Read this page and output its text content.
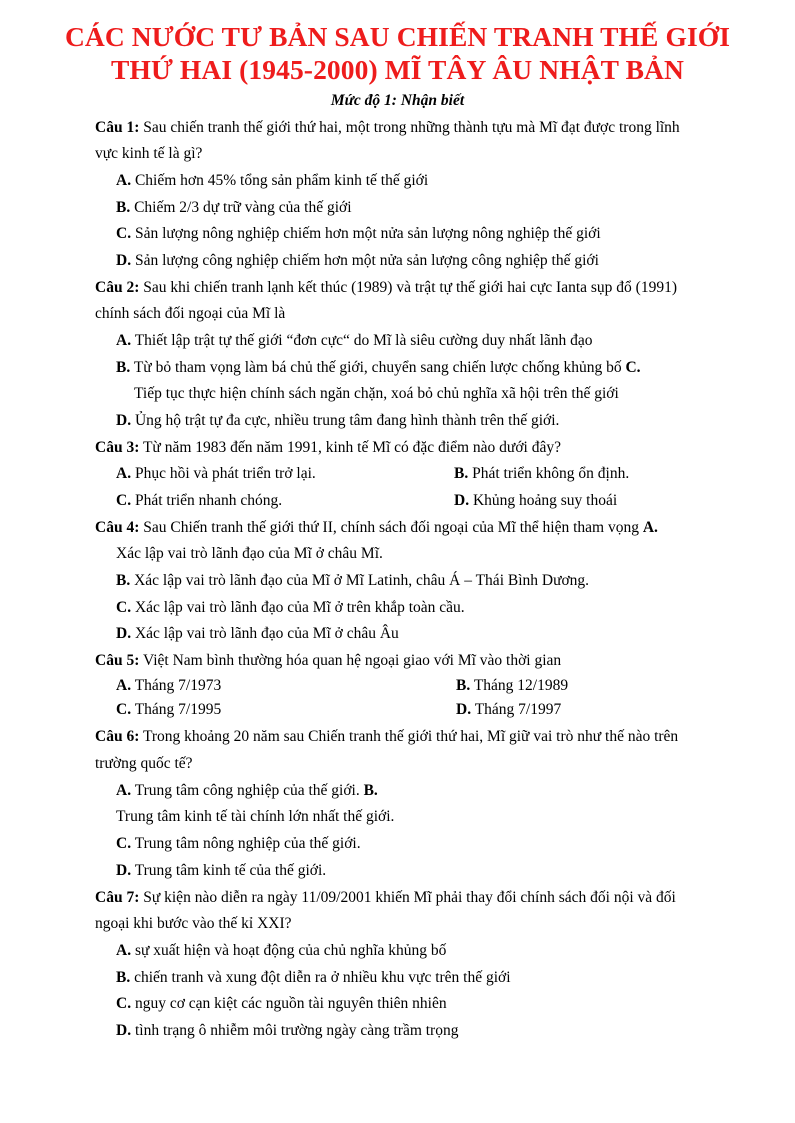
CÁC NƯỚC TƯ BẢN SAU CHIẾN TRANH THẾ GIỚI
THỨ HAI (1945-2000) MĨ TÂY ÂU NHẬT BẢN
Mức độ 1: Nhận biết
Câu 1: Sau chiến tranh thế giới thứ hai, một trong những thành tựu mà Mĩ đạt được trong lĩnh
vực kinh tế là gì?
A. Chiếm hơn 45% tổng sản phẩm kinh tế thế giới
B. Chiếm 2/3 dự trữ vàng của thế giới
C. Sản lượng nông nghiệp chiếm hơn một nửa sản lượng nông nghiệp thế giới
D. Sản lượng công nghiệp chiếm hơn một nửa sản lượng công nghiệp thế giới
Câu 2: Sau khi chiến tranh lạnh kết thúc (1989) và trật tự thế giới hai cực Ianta sụp đổ (1991)
chính sách đối ngoại của Mĩ là
A. Thiết lập trật tự thế giới “đơn cực“ do Mĩ là siêu cường duy nhất lãnh đạo
B. Từ bỏ tham vọng làm bá chủ thế giới, chuyển sang chiến lược chống khủng bố C.
Tiếp tục thực hiện chính sách ngăn chặn, xoá bỏ chủ nghĩa xã hội trên thế giới
D. Ủng hộ trật tự đa cực, nhiều trung tâm đang hình thành trên thế giới.
Câu 3: Từ năm 1983 đến năm 1991, kinh tế Mĩ có đặc điểm nào dưới đây?
A. Phục hồi và phát triển trở lại.	B. Phát triển không ổn định.
C. Phát triển nhanh chóng.	D. Khủng hoảng suy thoái
Câu 4: Sau Chiến tranh thế giới thứ II, chính sách đối ngoại của Mĩ thể hiện tham vọng A.
Xác lập vai trò lãnh đạo của Mĩ ở châu Mĩ.
B. Xác lập vai trò lãnh đạo của Mĩ ở Mĩ Latinh, châu Á – Thái Bình Dương.
C. Xác lập vai trò lãnh đạo của Mĩ ở trên khắp toàn cầu.
D. Xác lập vai trò lãnh đạo của Mĩ ở châu Âu
Câu 5: Việt Nam bình thường hóa quan hệ ngoại giao với Mĩ vào thời gian
A. Tháng 7/1973	B. Tháng 12/1989
C. Tháng 7/1995	D. Tháng 7/1997
Câu 6: Trong khoảng 20 năm sau Chiến tranh thế giới thứ hai, Mĩ giữ vai trò như thế nào trên
trường quốc tế?
A. Trung tâm công nghiệp của thế giới. B.
Trung tâm kinh tế tài chính lớn nhất thế giới.
C. Trung tâm nông nghiệp của thế giới.
D. Trung tâm kinh tế của thế giới.
Câu 7: Sự kiện nào diễn ra ngày 11/09/2001 khiến Mĩ phải thay đổi chính sách đối nội và đối
ngoại khi bước vào thế kỉ XXI?
A. sự xuất hiện và hoạt động của chủ nghĩa khủng bố
B. chiến tranh và xung đột diễn ra ở nhiều khu vực trên thế giới
C. nguy cơ cạn kiệt các nguồn tài nguyên thiên nhiên
D. tình trạng ô nhiễm môi trường ngày càng trầm trọng
